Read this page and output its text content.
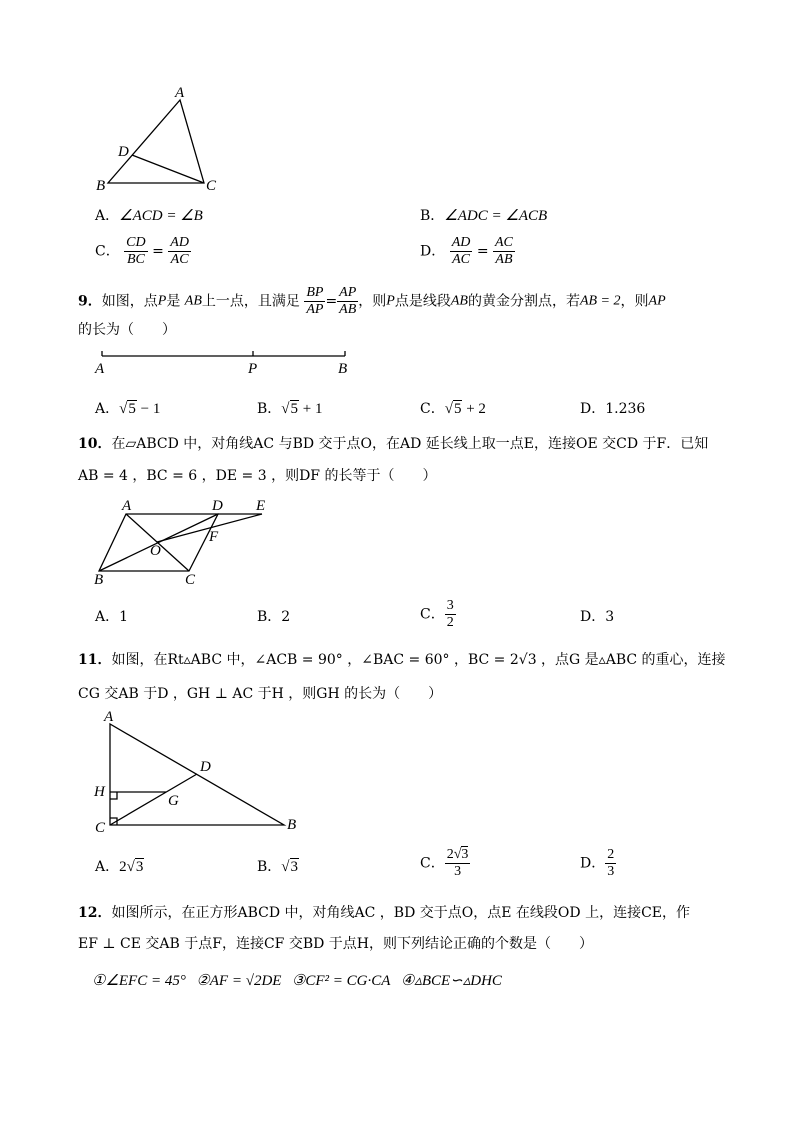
A
D
B	C
A．∠ACD = ∠B	B．∠ADC = ∠ACB
C． $\frac{CD}{BC} = \frac{AD}{AC}$	D． $\frac{AD}{AC} = \frac{AC}{AB}$
9．如图，点P是 AB上一点，且满足 $\frac{BP}{AP} = \frac{AP}{AB}$ ，则P点是线段AB的黄金分割点，若AB = 2，则AP
的长为（　　）
A	P	B
A．√5 − 1	B．√5 + 1	C．√5 + 2	D．1.236
10．在▱ABCD 中，对角线AC 与BD 交于点O，在AD 延长线上取一点E，连接OE 交CD 于F．已知
AB = 4 ，BC = 6 ，DE = 3 ，则DF 的长等于（　　）
A	D E
F
O
B	C
A．1	B．2	C． $\frac{3}{2}$	D．3
11．如图，在Rt▵ABC 中，∠ACB = 90° ，∠BAC = 60° ，BC = 2√3 ，点G 是▵ABC 的重心，连接
CG 交AB 于D ，GH ⊥ AC 于H ，则GH 的长为（　　）
A
D
H
G
C	B
A．2√3	B．√3	C． $\frac{2√3}{3}$	D． $\frac{2}{3}$
12．如图所示，在正方形ABCD 中，对角线AC ，BD 交于点O，点E 在线段OD 上，连接CE，作
EF ⊥ CE 交AB 于点F，连接CF 交BD 于点H，则下列结论正确的个数是（　　）
①∠EFC = 45° ②AF = √2DE ③CF² = CG·CA ④▵BCE∽▵DHC
